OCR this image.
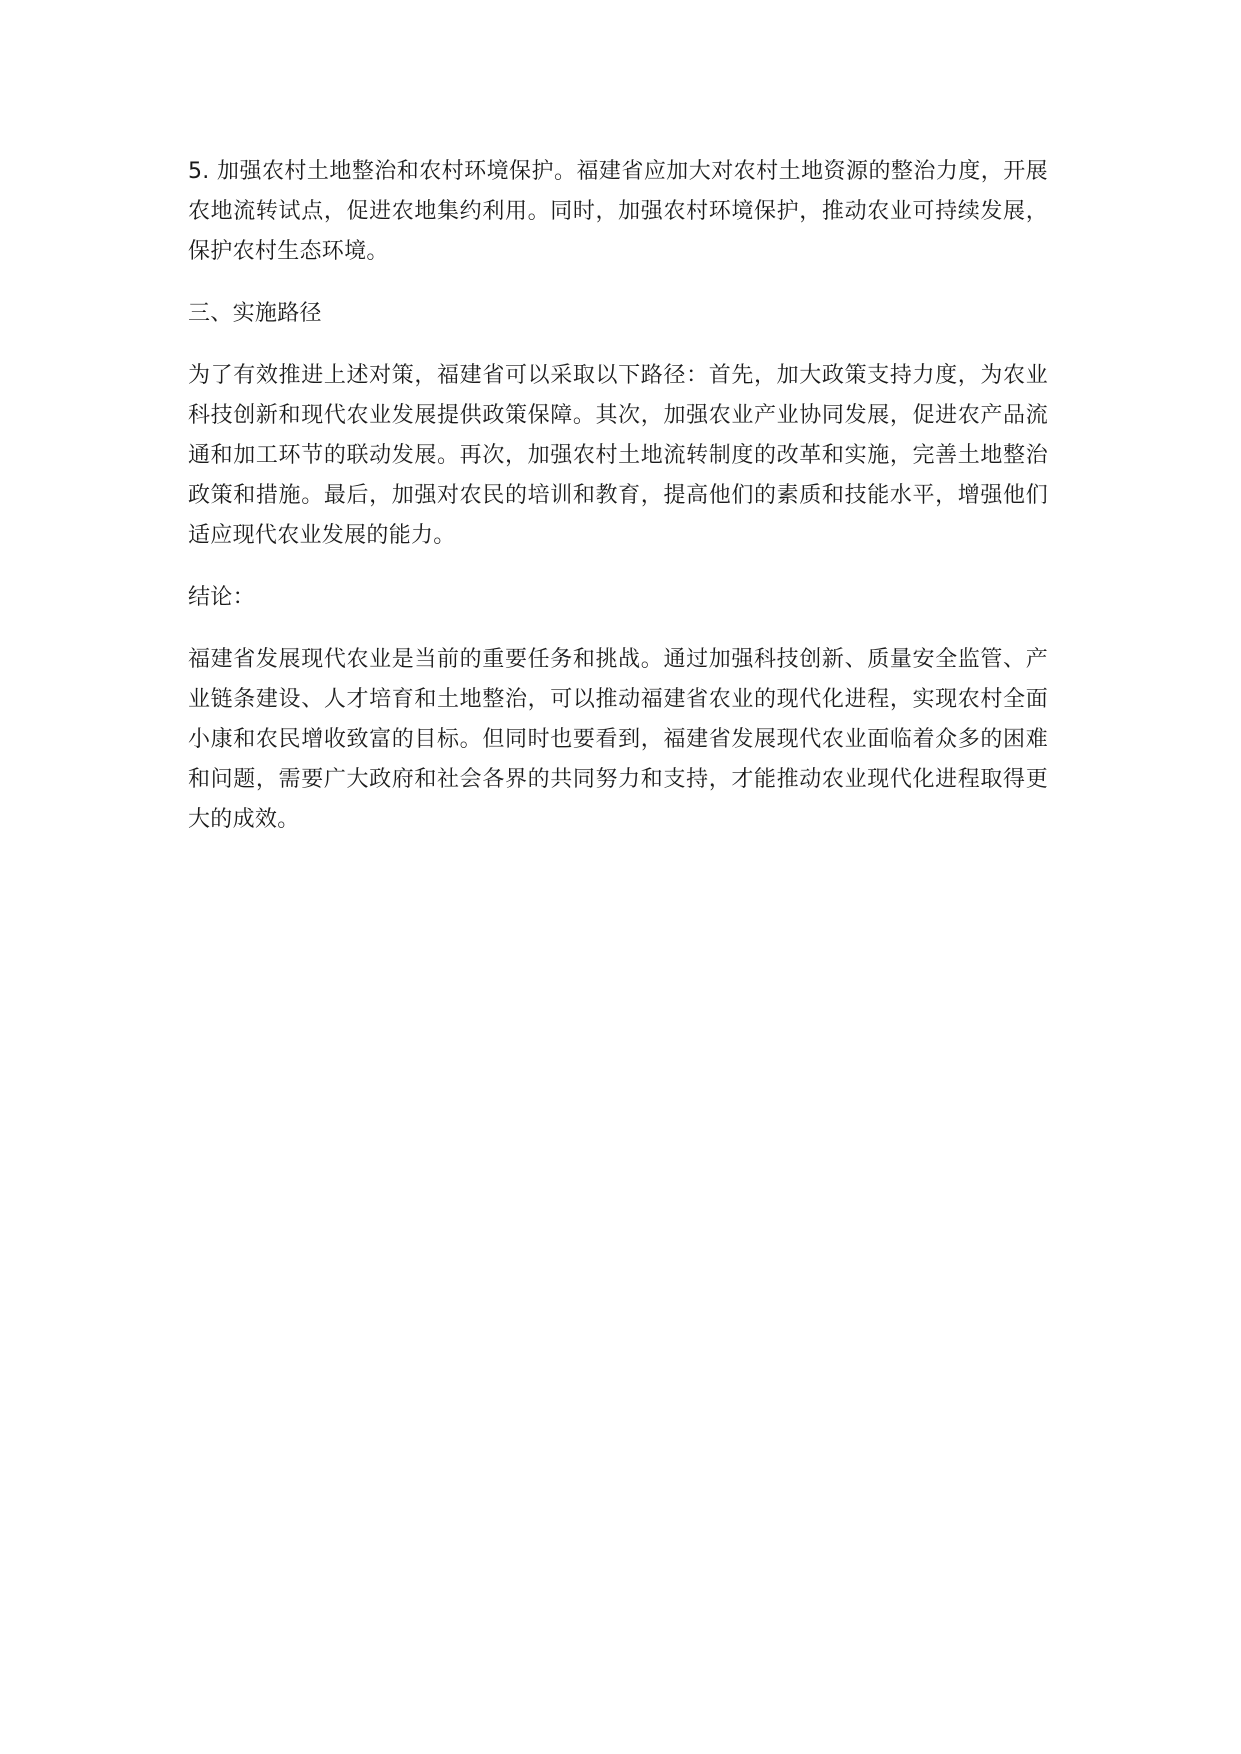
5. 加强农村土地整治和农村环境保护。福建省应加大对农村土地资源的整治力度，开展农地流转试点，促进农地集约利用。同时，加强农村环境保护，推动农业可持续发展，保护农村生态环境。

三、实施路径

为了有效推进上述对策，福建省可以采取以下路径：首先，加大政策支持力度，为农业科技创新和现代农业发展提供政策保障。其次，加强农业产业协同发展，促进农产品流通和加工环节的联动发展。再次，加强农村土地流转制度的改革和实施，完善土地整治政策和措施。最后，加强对农民的培训和教育，提高他们的素质和技能水平，增强他们适应现代农业发展的能力。

结论：

福建省发展现代农业是当前的重要任务和挑战。通过加强科技创新、质量安全监管、产业链条建设、人才培育和土地整治，可以推动福建省农业的现代化进程，实现农村全面小康和农民增收致富的目标。但同时也要看到，福建省发展现代农业面临着众多的困难和问题，需要广大政府和社会各界的共同努力和支持，才能推动农业现代化进程取得更大的成效。
